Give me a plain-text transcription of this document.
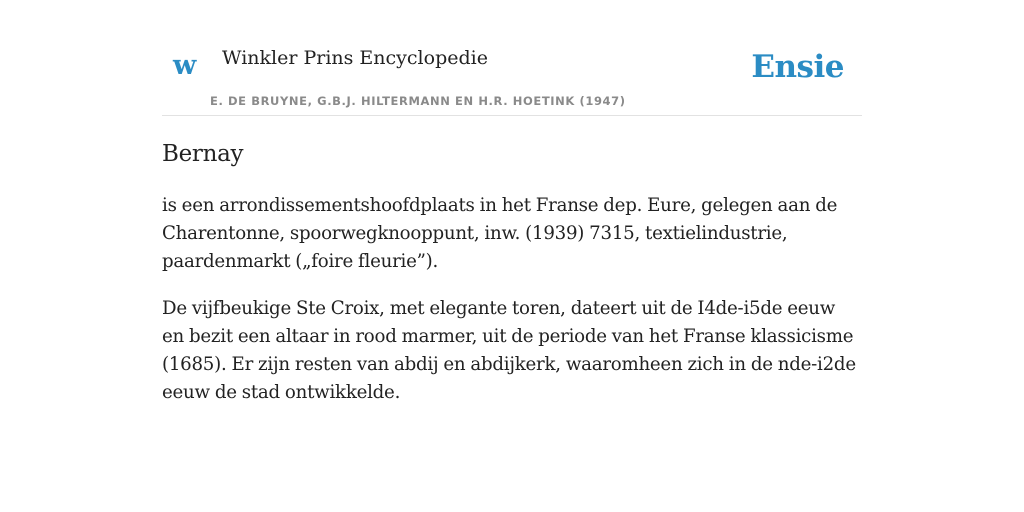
w Winkler Prins Encyclopedie
E. DE BRUYNE, G.B.J. HILTERMANN EN H.R. HOETINK (1947)
Ensie
Bernay

is een arrondissementshoofdplaats in het Franse dep. Eure, gelegen aan de Charentonne, spoorwegknooppunt, inw. (1939) 7315, textielindustrie, paardenmarkt („foire fleurie”).

De vijfbeukige Ste Croix, met elegante toren, dateert uit de I4de-i5de eeuw en bezit een altaar in rood marmer, uit de periode van het Franse klassicisme (1685). Er zijn resten van abdij en abdijkerk, waaromheen zich in de nde-i2de eeuw de stad ontwikkelde.
